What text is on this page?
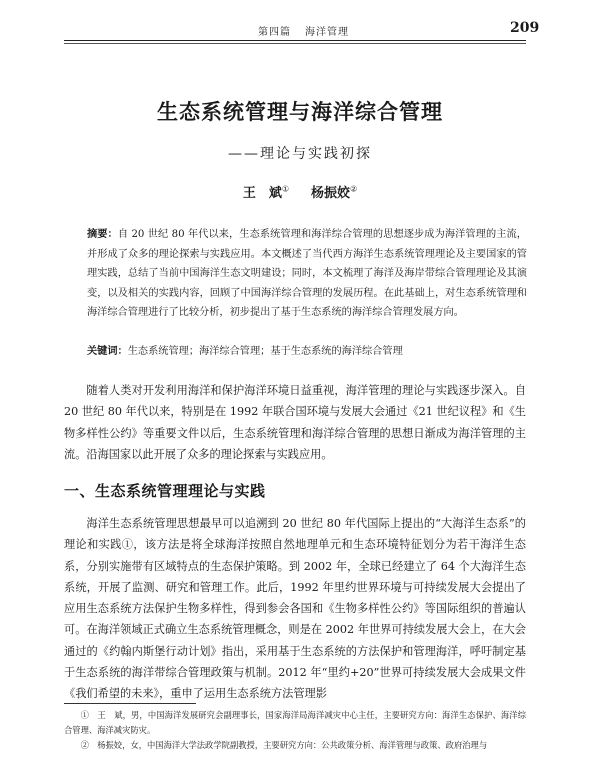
第四篇 海洋管理	209
生态系统管理与海洋综合管理
——理论与实践初探
王　斌① 杨振姣②
摘要：自 20 世纪 80 年代以来，生态系统管理和海洋综合管理的思想逐步成为海洋管理的主流，并形成了众多的理论探索与实践应用。本文概述了当代西方海洋生态系统管理理论及主要国家的管理实践，总结了当前中国海洋生态文明建设；同时，本文梳理了海洋及海岸带综合管理理论及其演变，以及相关的实践内容，回顾了中国海洋综合管理的发展历程。在此基础上，对生态系统管理和海洋综合管理进行了比较分析，初步提出了基于生态系统的海洋综合管理发展方向。
关键词：生态系统管理；海洋综合管理；基于生态系统的海洋综合管理
随着人类对开发利用海洋和保护海洋环境日益重视，海洋管理的理论与实践逐步深入。自 20 世纪 80 年代以来，特别是在 1992 年联合国环境与发展大会通过《21 世纪议程》和《生物多样性公约》等重要文件以后，生态系统管理和海洋综合管理的思想日渐成为海洋管理的主流。沿海国家以此开展了众多的理论探索与实践应用。
一、生态系统管理理论与实践
海洋生态系统管理思想最早可以追溯到 20 世纪 80 年代国际上提出的“大海洋生态系”的理论和实践①，该方法是将全球海洋按照自然地理单元和生态环境特征划分为若干海洋生态系，分别实施带有区域特点的生态保护策略。到 2002 年，全球已经建立了 64 个大海洋生态系统，开展了监测、研究和管理工作。此后，1992 年里约世界环境与可持续发展大会提出了应用生态系统方法保护生物多样性，得到参会各国和《生物多样性公约》等国际组织的普遍认可。在海洋领域正式确立生态系统管理概念，则是在 2002 年世界可持续发展大会上，在大会通过的《约翰内斯堡行动计划》指出，采用基于生态系统的方法保护和管理海洋，呼吁制定基于生态系统的海洋带综合管理政策与机制。2012 年“里约+20”世界可持续发展大会成果文件《我们希望的未来》，重申了运用生态系统方法管理影
①　王　斌，男，中国海洋发展研究会副理事长，国家海洋局海洋减灾中心主任，主要研究方向：海洋生态保护、海洋综合管理、海洋减灾防灾。
②　杨振姣，女，中国海洋大学法政学院副教授，主要研究方向：公共政策分析、海洋管理与政策、政府治理与
